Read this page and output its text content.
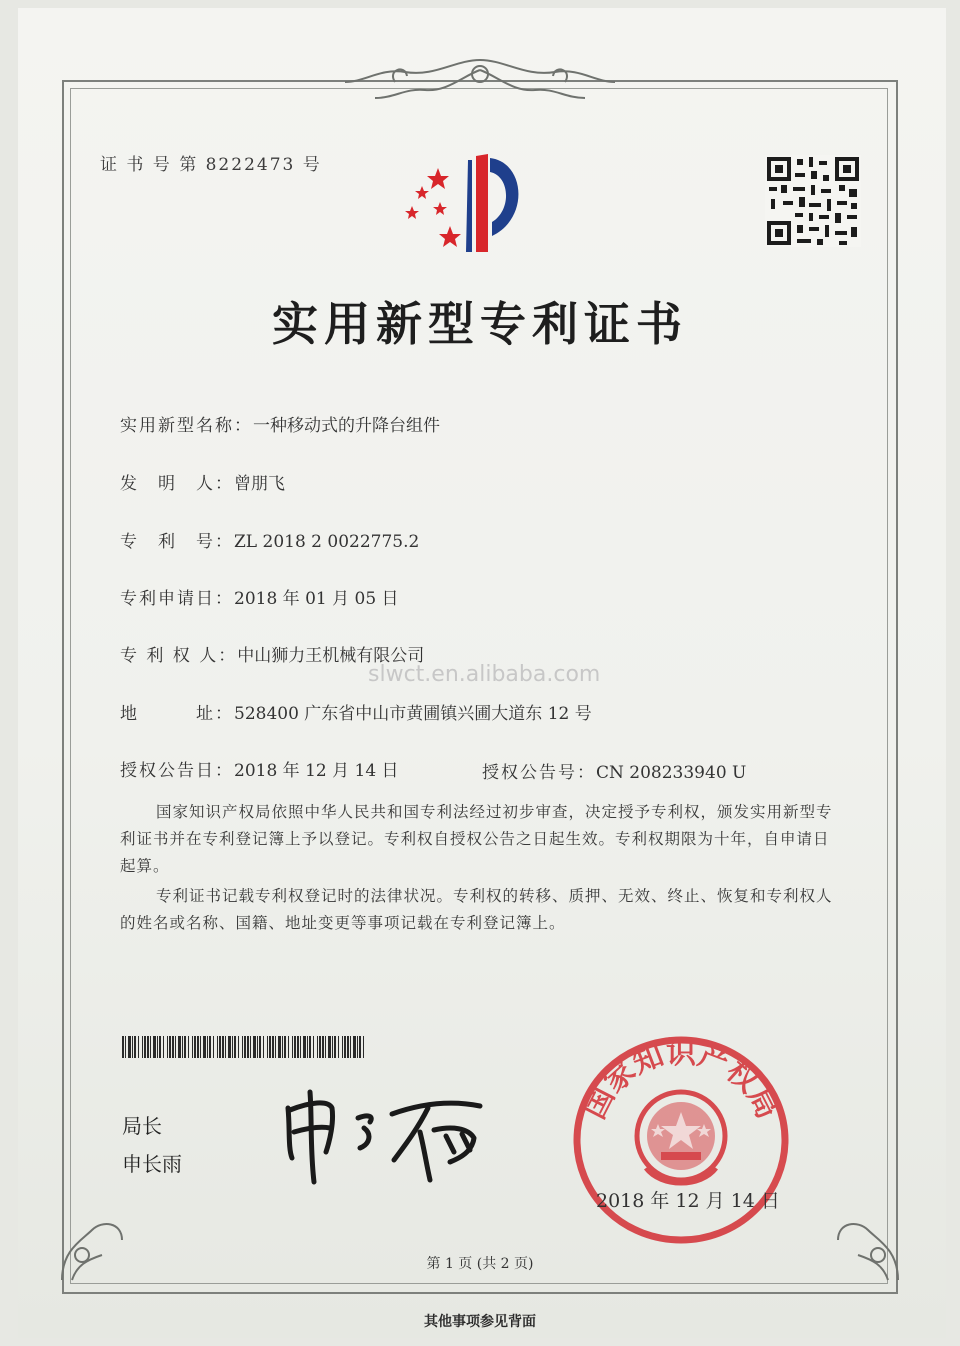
证 书 号 第 8222473 号
实用新型专利证书
实用新型名称：一种移动式的升降台组件
发　明　人：曾朋飞
专　利　号：ZL 2018 2 0022775.2
专利申请日：2018 年 01 月 05 日
专 利 权 人：中山狮力王机械有限公司
slwct.en.alibaba.com
地　　　址：528400 广东省中山市黄圃镇兴圃大道东 12 号
授权公告日：2018 年 12 月 14 日	授权公告号：CN 208233940 U
国家知识产权局依照中华人民共和国专利法经过初步审查，决定授予专利权，颁发实用新型专利证书并在专利登记簿上予以登记。专利权自授权公告之日起生效。专利权期限为十年，自申请日起算。
专利证书记载专利权登记时的法律状况。专利权的转移、质押、无效、终止、恢复和专利权人的姓名或名称、国籍、地址变更等事项记载在专利登记簿上。
局长
申长雨
国家知识产权局
2018 年 12 月 14 日
第 1 页 (共 2 页)
其他事项参见背面
